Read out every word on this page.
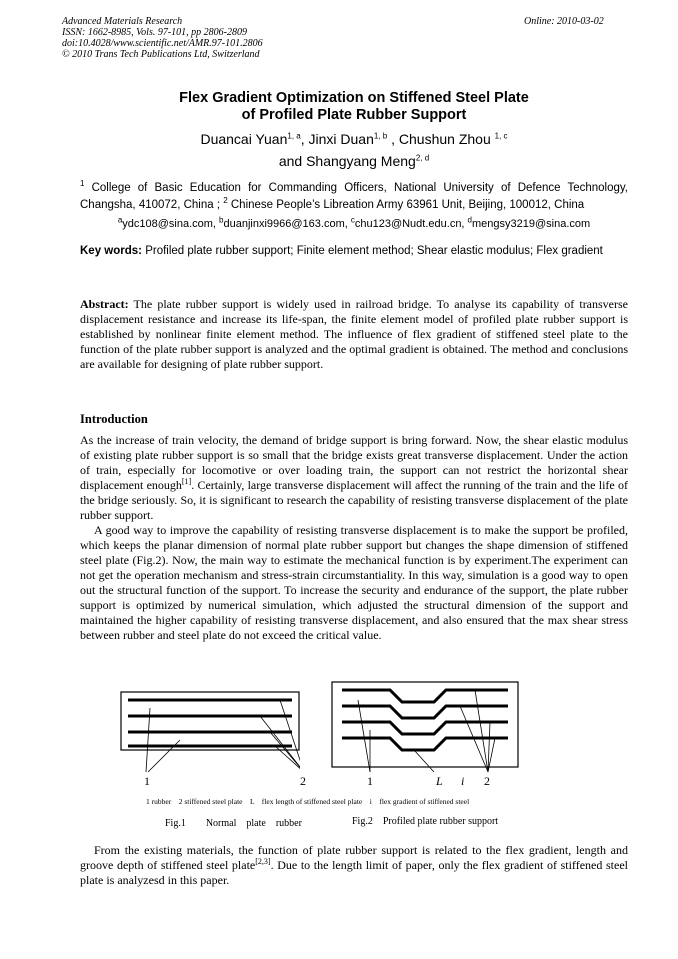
Advanced Materials Research	Online: 2010-03-02
ISSN: 1662-8985, Vols. 97-101, pp 2806-2809
doi:10.4028/www.scientific.net/AMR.97-101.2806
© 2010 Trans Tech Publications Ltd, Switzerland
Flex Gradient Optimization on Stiffened Steel Plate
of Profiled Plate Rubber Support
Duancai Yuan$^{1, a}$, Jinxi Duan$^{1, b}$ , Chushun Zhou $^{1, c}$
and Shangyang Meng$^{2, d}$
$^1$ College of Basic Education for Commanding Officers, National University of Defence Technology, Changsha, 410072, China ; $^2$ Chinese People’s Libreation Army 63961 Unit, Beijing, 100012, China
$^a$ydc108@sina.com, $^b$duanjinxi9966@163.com, $^c$chu123@Nudt.edu.cn, $^d$mengsy3219@sina.com
Key words: Profiled plate rubber support; Finite element method; Shear elastic modulus; Flex gradient
Abstract: The plate rubber support is widely used in railroad bridge. To analyse its capability of transverse displacement resistance and increase its life-span, the finite element model of profiled plate rubber support is established by nonlinear finite element method. The influence of flex gradient of stiffened steel plate to the function of the plate rubber support is analyzed and the optimal gradient is obtained. The method and conclusions are available for designing of plate rubber support.
Introduction

As the increase of train velocity, the demand of bridge support is bring forward. Now, the shear elastic modulus of existing plate rubber support is so small that the bridge exists great transverse displacement. Under the action of train, especially for locomotive or over loading train, the support can not restrict the horizontal shear displacement enough[1]. Certainly, large transverse displacement will affect the running of the train and the life of the bridge seriously. So, it is significant to research the capability of resisting transverse displacement of the plate rubber support.

A good way to improve the capability of resisting transverse displacement is to make the support be profiled, which keeps the planar dimension of normal plate rubber support but changes the shape dimension of stiffened steel plate (Fig.2). Now, the main way to estimate the mechanical function is by experiment.The experiment can not get the operation mechanism and stress-strain circumstantiality. In this way, simulation is a good way to open out the structural function of the support. To increase the security and endurance of the support, the plate rubber support is optimized by numerical simulation, which adjusted the structural dimension of the support and maintained the higher capability of resisting transverse displacement, and also ensured that the max shear stress between rubber and steel plate do not exceed the critical value.

1	2	1	L i 2
1 rubber    2 stiffened steel plate    L    flex length of stiffened steel plate    i    flex gradient of stiffened steel
Fig.1        Normal    plate    rubber	Fig.2    Profiled plate rubber support
From the existing materials, the function of plate rubber support is related to the flex gradient, length and groove depth of stiffened steel plate[2,3]. Due to the length limit of paper, only the flex gradient of stiffened steel plate is analyzesd in this paper.
